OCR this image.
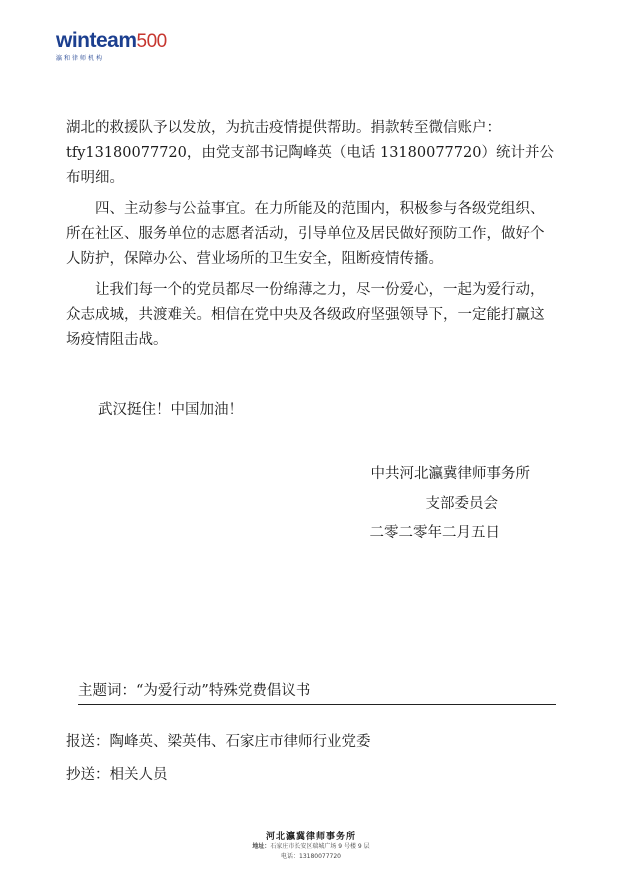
winteam500
瀛和律师机构

湖北的救援队予以发放，为抗击疫情提供帮助。捐款转至微信账户：tfy13180077720，由党支部书记陶峰英（电话 13180077720）统计并公布明细。

四、主动参与公益事宜。在力所能及的范围内，积极参与各级党组织、所在社区、服务单位的志愿者活动，引导单位及居民做好预防工作，做好个人防护，保障办公、营业场所的卫生安全，阻断疫情传播。

让我们每一个的党员都尽一份绵薄之力，尽一份爱心，一起为爱行动，众志成城，共渡难关。相信在党中央及各级政府坚强领导下，一定能打赢这场疫情阻击战。

武汉挺住！中国加油！
中共河北瀛冀律师事务所
支部委员会
二零二零年二月五日
主题词：“为爱行动”特殊党费倡议书
报送：陶峰英、梁英伟、石家庄市律师行业党委
抄送：相关人员
河北瀛冀律师事务所
地址：石家庄市长安区瑞城广场 9 号楼 9 层
电话：13180077720
